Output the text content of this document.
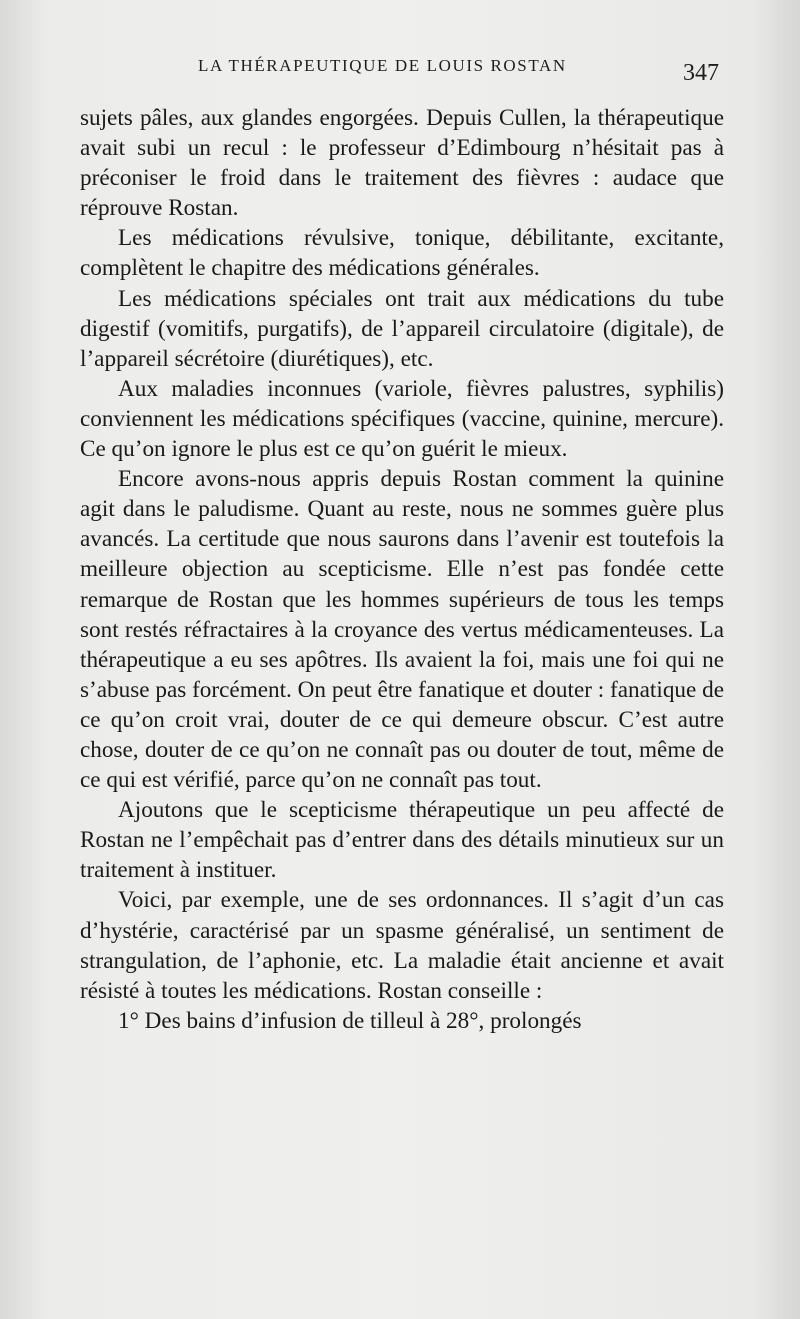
LA THÉRAPEUTIQUE DE LOUIS ROSTAN	347

sujets pâles, aux glandes engorgées. Depuis Cullen, la thérapeutique avait subi un recul : le professeur d’Edimbourg n’hésitait pas à préconiser le froid dans le traitement des fièvres : audace que réprouve Rostan.

Les médications révulsive, tonique, débilitante, excitante, complètent le chapitre des médications générales.

Les médications spéciales ont trait aux médications du tube digestif (vomitifs, purgatifs), de l’appareil circulatoire (digitale), de l’appareil sécrétoire (diurétiques), etc.

Aux maladies inconnues (variole, fièvres palustres, syphilis) conviennent les médications spécifiques (vaccine, quinine, mercure). Ce qu’on ignore le plus est ce qu’on guérit le mieux.

Encore avons-nous appris depuis Rostan comment la quinine agit dans le paludisme. Quant au reste, nous ne sommes guère plus avancés. La certitude que nous saurons dans l’avenir est toutefois la meilleure objection au scepticisme. Elle n’est pas fondée cette remarque de Rostan que les hommes supérieurs de tous les temps sont restés réfractaires à la croyance des vertus médicamenteuses. La thérapeutique a eu ses apôtres. Ils avaient la foi, mais une foi qui ne s’abuse pas forcément. On peut être fanatique et douter : fanatique de ce qu’on croit vrai, douter de ce qui demeure obscur. C’est autre chose, douter de ce qu’on ne connaît pas ou douter de tout, même de ce qui est vérifié, parce qu’on ne connaît pas tout.

Ajoutons que le scepticisme thérapeutique un peu affecté de Rostan ne l’empêchait pas d’entrer dans des détails minutieux sur un traitement à instituer.

Voici, par exemple, une de ses ordonnances. Il s’agit d’un cas d’hystérie, caractérisé par un spasme généralisé, un sentiment de strangulation, de l’aphonie, etc. La maladie était ancienne et avait résisté à toutes les médications. Rostan conseille :

1° Des bains d’infusion de tilleul à 28°, prolongés
